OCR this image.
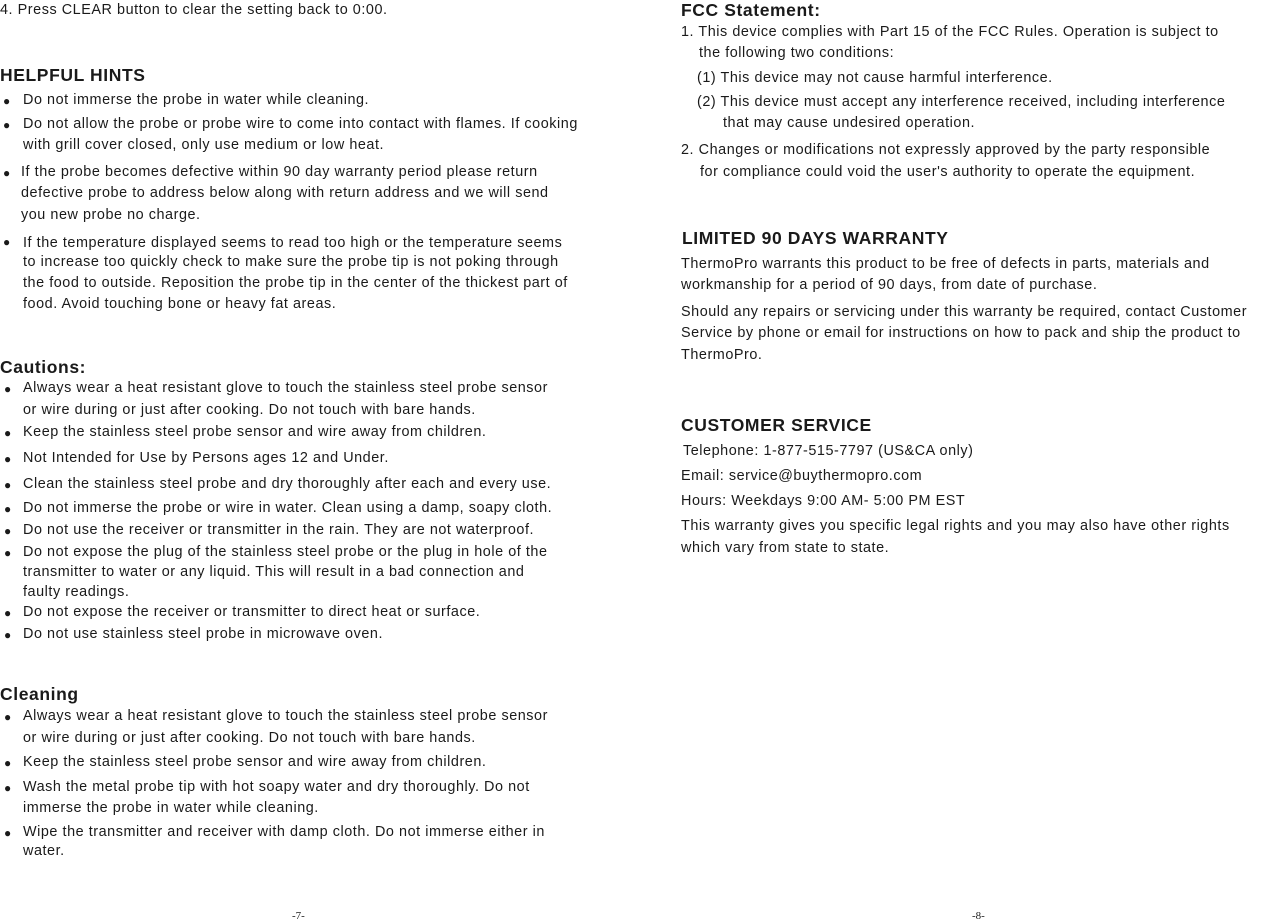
4. Press CLEAR button to clear the setting back to 0:00.
HELPFUL HINTS
● Do not immerse the probe in water while cleaning.
● Do not allow the probe or probe wire to come into contact with flames. If cooking
with grill cover closed, only use medium or low heat.
● If the probe becomes defective within 90 day warranty period please return
defective probe to address below along with return address and we will send
you new probe no charge.
● If the temperature displayed seems to read too high or the temperature seems
to increase too quickly check to make sure the probe tip is not poking through
the food to outside. Reposition the probe tip in the center of the thickest part of
food. Avoid touching bone or heavy fat areas.
Cautions:
● Always wear a heat resistant glove to touch the stainless steel probe sensor
or wire during or just after cooking. Do not touch with bare hands.
● Keep the stainless steel probe sensor and wire away from children.
● Not Intended for Use by Persons ages 12 and Under.
● Clean the stainless steel probe and dry thoroughly after each and every use.
● Do not immerse the probe or wire in water. Clean using a damp, soapy cloth.
● Do not use the receiver or transmitter in the rain. They are not waterproof.
● Do not expose the plug of the stainless steel probe or the plug in hole of the
transmitter to water or any liquid. This will result in a bad connection and
faulty readings.
● Do not expose the receiver or transmitter to direct heat or surface.
● Do not use stainless steel probe in microwave oven.
Cleaning
● Always wear a heat resistant glove to touch the stainless steel probe sensor
or wire during or just after cooking. Do not touch with bare hands.
● Keep the stainless steel probe sensor and wire away from children.
● Wash the metal probe tip with hot soapy water and dry thoroughly. Do not
immerse the probe in water while cleaning.
● Wipe the transmitter and receiver with damp cloth. Do not immerse either in
water.
-7-
FCC Statement:
1. This device complies with Part 15 of the FCC Rules. Operation is subject to
the following two conditions:
(1) This device may not cause harmful interference.
(2) This device must accept any interference received, including interference
that may cause undesired operation.
2. Changes or modifications not expressly approved by the party responsible
for compliance could void the user's authority to operate the equipment.
LIMITED 90 DAYS WARRANTY
ThermoPro warrants this product to be free of defects in parts, materials and
workmanship for a period of 90 days, from date of purchase.
Should any repairs or servicing under this warranty be required, contact Customer
Service by phone or email for instructions on how to pack and ship the product to
ThermoPro.
CUSTOMER SERVICE
Telephone: 1-877-515-7797 (US&CA only)
Email: service@buythermopro.com
Hours: Weekdays 9:00 AM- 5:00 PM EST
This warranty gives you specific legal rights and you may also have other rights
which vary from state to state.
-8-
